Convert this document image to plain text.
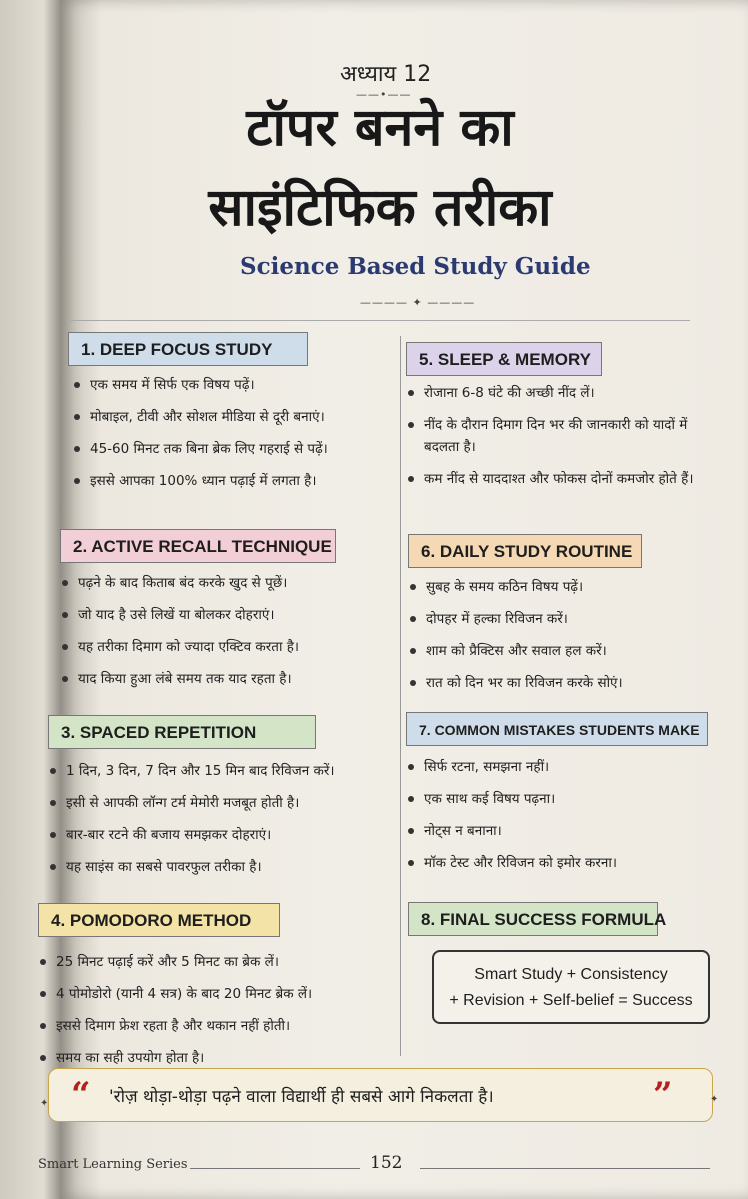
अध्याय 12
——•——
टॉपर बनने का
साइंटिफिक तरीका
Science Based Study Guide
———— ✦ ————
1. DEEP FOCUS STUDY
एक समय में सिर्फ एक विषय पढ़ें।
मोबाइल, टीवी और सोशल मीडिया से दूरी बनाएं।
45-60 मिनट तक बिना ब्रेक लिए गहराई से पढ़ें।
इससे आपका 100% ध्यान पढ़ाई में लगता है।
2. ACTIVE RECALL TECHNIQUE
पढ़ने के बाद किताब बंद करके खुद से पूछें।
जो याद है उसे लिखें या बोलकर दोहराएं।
यह तरीका दिमाग को ज्यादा एक्टिव करता है।
याद किया हुआ लंबे समय तक याद रहता है।
3. SPACED REPETITION
1 दिन, 3 दिन, 7 दिन और 15 मिन बाद रिविजन करें।
इसी से आपकी लॉन्ग टर्म मेमोरी मजबूत होती है।
बार-बार रटने की बजाय समझकर दोहराएं।
यह साइंस का सबसे पावरफुल तरीका है।
4. POMODORO METHOD
25 मिनट पढ़ाई करें और 5 मिनट का ब्रेक लें।
4 पोमोडोरो (यानी 4 सत्र) के बाद 20 मिनट ब्रेक लें।
इससे दिमाग फ्रेश रहता है और थकान नहीं होती।
समय का सही उपयोग होता है।
5. SLEEP & MEMORY
रोजाना 6-8 घंटे की अच्छी नींद लें।
नींद के दौरान दिमाग दिन भर की जानकारी को यादों में बदलता है।
कम नींद से याददाश्त और फोकस दोनों कमजोर होते हैं।
6. DAILY STUDY ROUTINE
सुबह के समय कठिन विषय पढ़ें।
दोपहर में हल्का रिविजन करें।
शाम को प्रैक्टिस और सवाल हल करें।
रात को दिन भर का रिविजन करके सोएं।
7. COMMON MISTAKES STUDENTS MAKE
सिर्फ रटना, समझना नहीं।
एक साथ कई विषय पढ़ना।
नोट्स न बनाना।
मॉक टेस्ट और रिविजन को इमोर करना।
8. FINAL SUCCESS FORMULA
Smart Study + Consistency
+ Revision + Self-belief = Success
“ 'रोज़ थोड़ा-थोड़ा पढ़ने वाला विद्यार्थी ही सबसे आगे निकलता है।	”
✦	✦
Smart Learning Series	152
